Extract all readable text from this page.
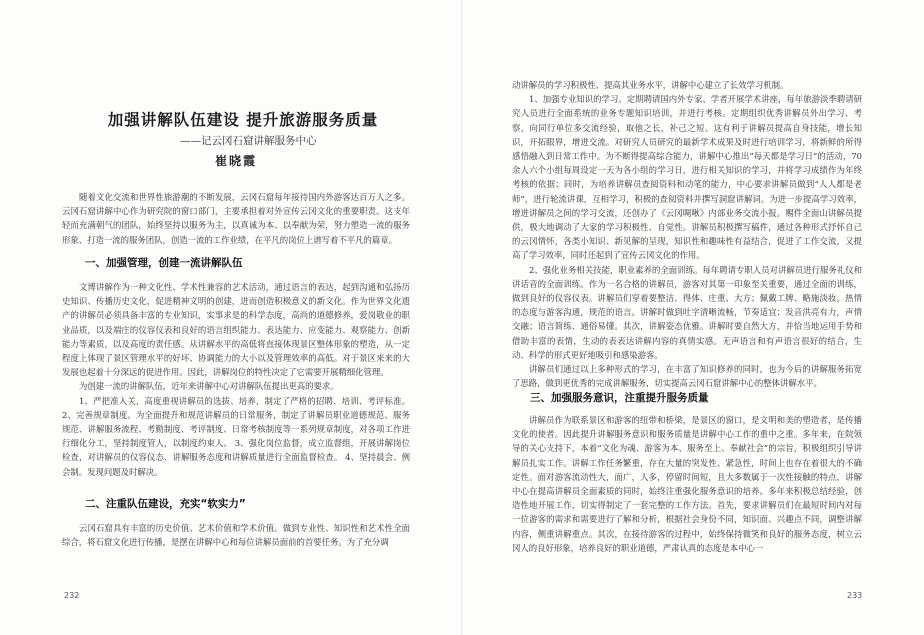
加强讲解队伍建设 提升旅游服务质量
——记云冈石窟讲解服务中心
崔晓霞

随着文化交流和世界性旅游潮的不断发展，云冈石窟每年接待国内外游客达百万人之多。云冈石窟讲解中心作为研究院的窗口部门，主要承担着对外宣传云冈文化的重要职责。这支年轻而充满朝气的团队，始终坚持以服务为主，以真诚为本、以奉献为荣，努力塑造一流的服务形象、打造一流的服务团队，创造一流的工作业绩，在平凡的岗位上谱写着不平凡的篇章。

一、加强管理，创建一流讲解队伍

文博讲解作为一种文化性、学术性兼容的艺术活动，通过语言的表达，起到沟通和弘扬历史知识、传播历史文化，促进精神文明的创建，进而创造积极意义的新文化。作为世界文化遗产的讲解员必须具备丰富的专业知识，实事求是的科学态度，高尚的道德修养，爱岗敬业的职业品质，以及端庄的仪容仪表和良好的语言组织能力、表达能力、应变能力、观察能力、创新能力等素质，以及高度的责任感。从讲解水平的高低将直接体现景区整体形象的塑造，从一定程度上体现了景区管理水平的好坏、协调能力的大小以及管理效率的高低。对于景区来来的大发展也起着十分深远的促进作用。因此，讲解岗位的特性决定了它需要开展精细化管理。

为创建一流的讲解队伍，近年来讲解中心对讲解队伍提出更高的要求。

1、严把准入关，高度重视讲解员的选拔、培养，制定了严格的招聘、培训、考评标准。 2、完善规章制度。为全面提升和规范讲解员的日常服务，制定了讲解员职业道德规范、服务规范、讲解服务流程、考勤制度、考评制度、日常考核制度等一系列规章制度，对各项工作进行细化分工，坚持制度管人，以制度约束人。 3、强化岗位监督，成立监督组，开展讲解岗位检查，对讲解员的仪容仪态、讲解服务态度和讲解质量进行全面监督检查。 4、坚持晨会、例会制。发现问题及时解决。

二、注重队伍建设，充实“软实力”

云冈石窟具有丰富的历史价值、艺术价值和学术价值。做到专业性、知识性和艺术性全面综合，将石窟文化进行传播，是摆在讲解中心和每位讲解员面前的首要任务。为了充分调

232

动讲解员的学习积极性、提高其业务水平，讲解中心建立了长效学习机制。

1、加强专业知识的学习。定期聘请国内外专家、学者开展学术讲座，每年旅游淡季聘请研究人员进行全面系统的业务专题知识培训，并进行考核。定期组织优秀讲解员外出学习、考察，向同行单位多交流经验，取他之长，补己之短。这有利于讲解员提高自身技能，增长知识，开拓眼界，增进交流。对研究人员研究的最新学术成果及时进行培训学习，将新鲜的所得感悟融入到日常工作中。为不断得提高综合能力，讲解中心推出“每天都是学习日”的活动，70余人六个小组每周设定一天为各小组的学习日，进行相关知识的学习，并将学习成绩作为年终考核的依据；同时，为培养讲解员查阅资料和动笔的能力，中心要求讲解员做到“人人都是老师”，进行轮流讲课，互相学习，积极的查阅资料并撰写洞窟讲解词。为进一步提高学习效率，增进讲解员之间的学习交流，还创办了《云冈啁啾》内部业务交流小报。赐件全面山讲解员提供，极大地调动了大家的学习积极性、自觉性。讲解员积极撰写稿件，通过各种形式抒怀自己的云冈情怀，各类小知识、新见解的呈现，知识性和趣味性有益结合，促进了工作交流，又提高了学习效率，同时还起到了宣传云冈文化的作用。

2、强化业务相关技能，职业素养的全面训练。每年聘请专职人员对讲解员进行服务礼仪和讲话音的全面训练。作为一名合格的讲解员，游客对其第一印象至关重要，通过全面的训练，做到良好的仪容仪表。讲解员们穿着要整洁、得体、庄重、大方；佩戴工牌、略施淡妆。热情的态度与游客沟通，规范的语言。讲解时做到吐字清晰流畅，节奏适宜；发音洪亮有力，声情交融；语言简练、通俗易懂。其次，讲解姿态优雅。讲解时要自然大方，并恰当地运用手势和借助丰富的表情，生动的表表达讲解内容的真情实感。无声语言和有声语言很好的结合，生动、科学的形式更好地吸引和感染游客。

讲解员们通过以上多种形式的学习，在丰富了知识修养的同时，也为今后的讲解服务拓宽了思路，做到更优秀的完成讲解服务，切实提高云冈石窟讲解中心的整体讲解水平。

三、加强服务意识，注重提升服务质量

讲解员作为联系景区和游客的纽带和桥梁，是景区的窗口，是文明和美的塑造者，是传播文化的使者。因此提升讲解服务意识和服务质量是讲解中心工作的重中之重。多年来，在院领导的关心支持下，本着“文化为魂、游客为本、服务至上、奉献社会”的宗旨，积极组织引导讲解员扎实工作。讲解工作任务繁重，存在大量的突发性、紧急性，时间上也存在着很大的不确定性。面对游客流动性大，面广，人多，停留时间短，且大多数属于一次性接触的特点，讲解中心在提高讲解员全面素质的同时，始终注重强化服务意识的培养。多年来积极总结经验，创造性地开展工作，切实得制定了一套完整的工作方法。首先，要求讲解员们在最短时间内对每一位游客的需求和需要进行了解和分析，根据社会身份不同，知识面、兴趣点不同，调整讲解内容，侧重讲解重点。其次，在接待游客的过程中，始终保持微笑和良好的服务态度，树立云冈人的良好形象，培养良好的职业道德，严肃认真的态度是本中心一

233
